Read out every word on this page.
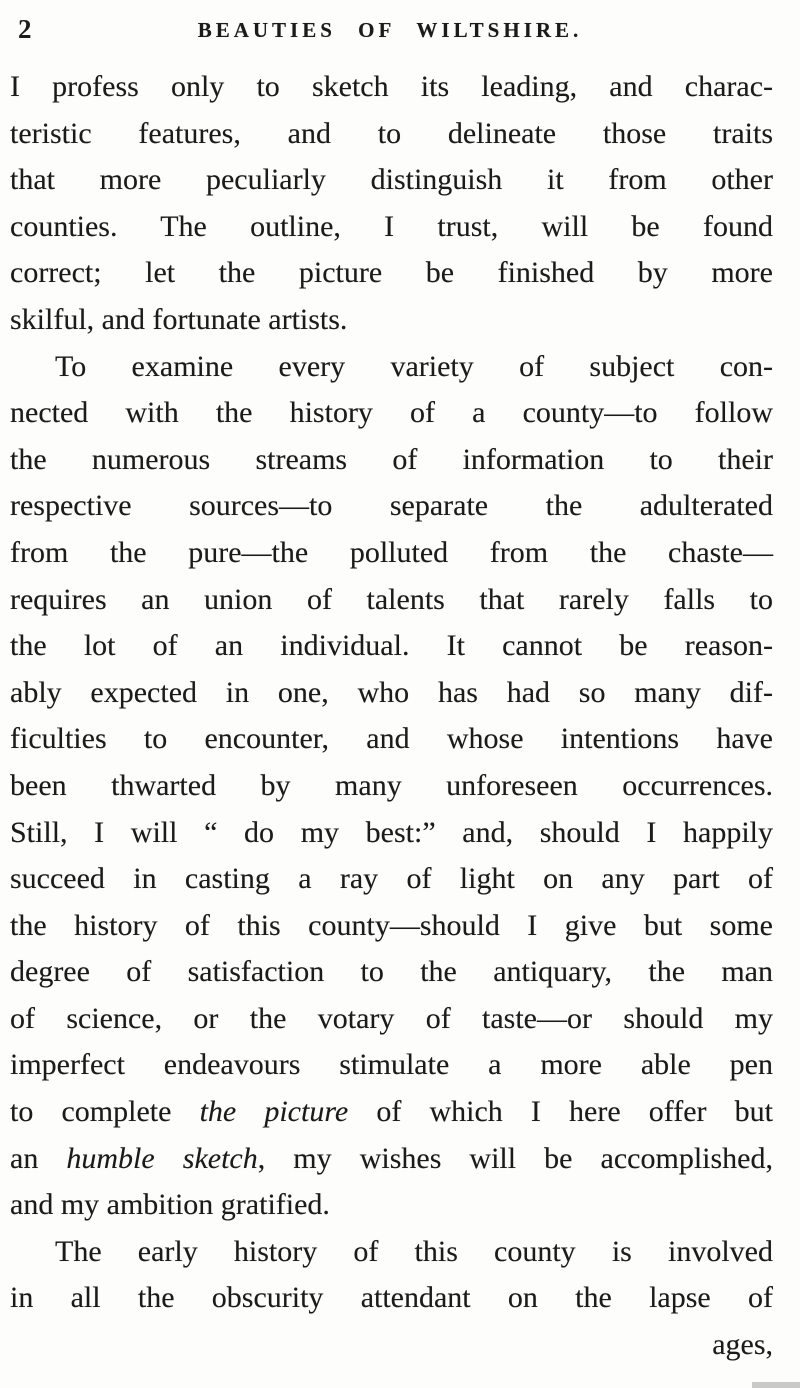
2	BEAUTIES OF WILTSHIRE.
I profess only to sketch its leading, and charac-
teristic features, and to delineate those traits
that more peculiarly distinguish it from other
counties. The outline, I trust, will be found
correct; let the picture be finished by more
skilful, and fortunate artists.
To examine every variety of subject con-
nected with the history of a county—to follow
the numerous streams of information to their
respective sources—to separate the adulterated
from the pure—the polluted from the chaste—
requires an union of talents that rarely falls to
the lot of an individual. It cannot be reason-
ably expected in one, who has had so many dif-
ficulties to encounter, and whose intentions have
been thwarted by many unforeseen occurrences.
Still, I will “ do my best:” and, should I happily
succeed in casting a ray of light on any part of
the history of this county—should I give but some
degree of satisfaction to the antiquary, the man
of science, or the votary of taste—or should my
imperfect endeavours stimulate a more able pen
to complete the picture of which I here offer but
an humble sketch, my wishes will be accomplished,
and my ambition gratified.
The early history of this county is involved
in all the obscurity attendant on the lapse of
ages,
